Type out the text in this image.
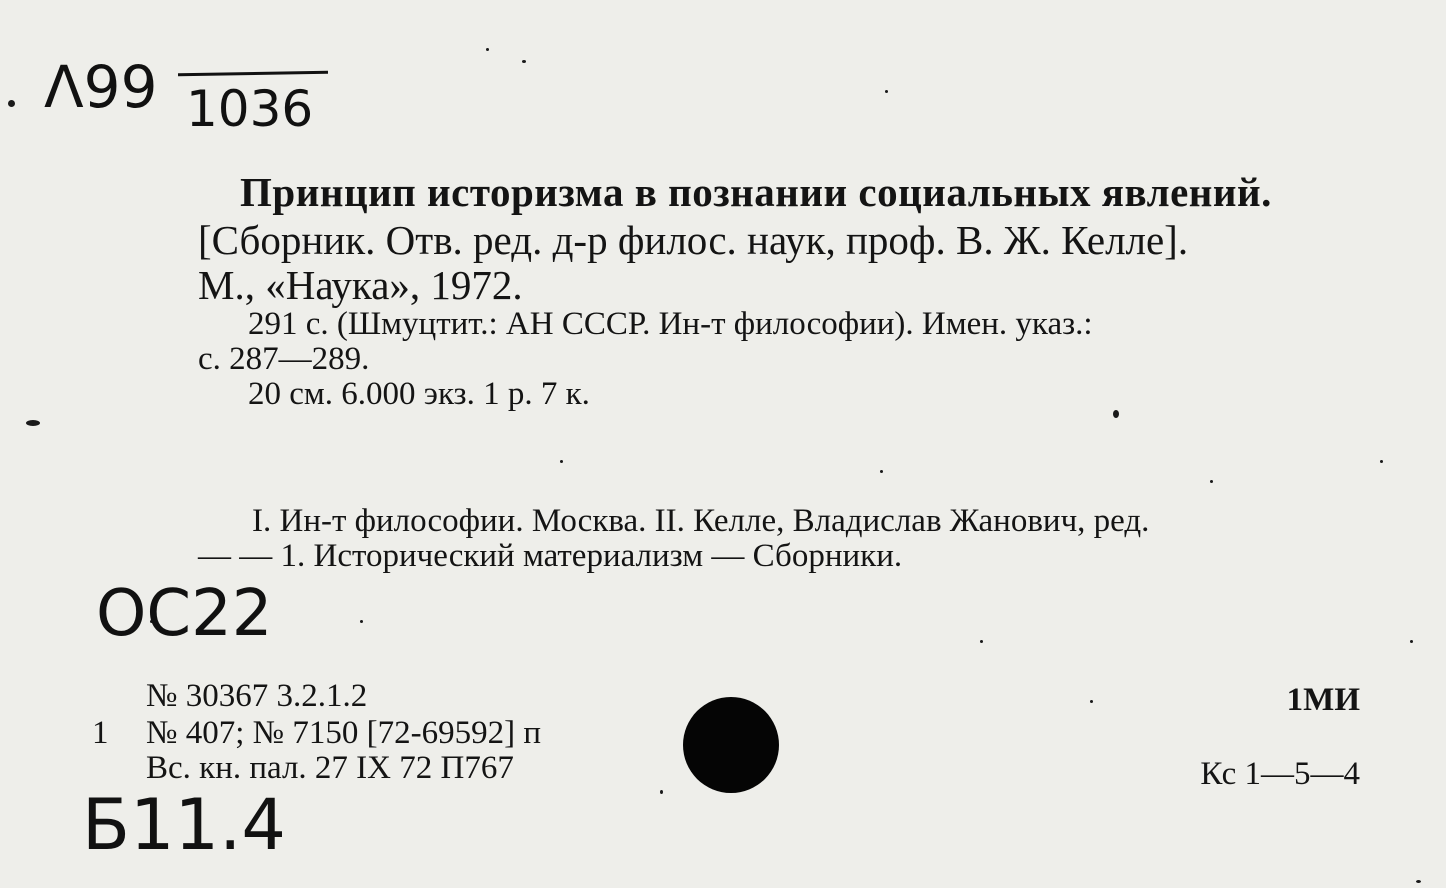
Λ99 1036
Принцип историзма в познании социальных явлений.
[Сборник. Отв. ред. д-р филос. наук, проф. В. Ж. Келле].
М., «Наука», 1972.
291 с. (Шмуцтит.: АН СССР. Ин-т философии). Имен. указ.:
с. 287—289.
20 см. 6.000 экз. 1 р. 7 к.
I. Ин-т философии. Москва. II. Келле, Владислав Жанович, ред.
— — 1. Исторический материализм — Сборники.
ОС22
Б11.4
№ 30367 3.2.1.2
1 № 407; № 7150 [72-69592] п
Вс. кн. пал. 27 IX 72 П767
1МИ
Кс 1—5—4
